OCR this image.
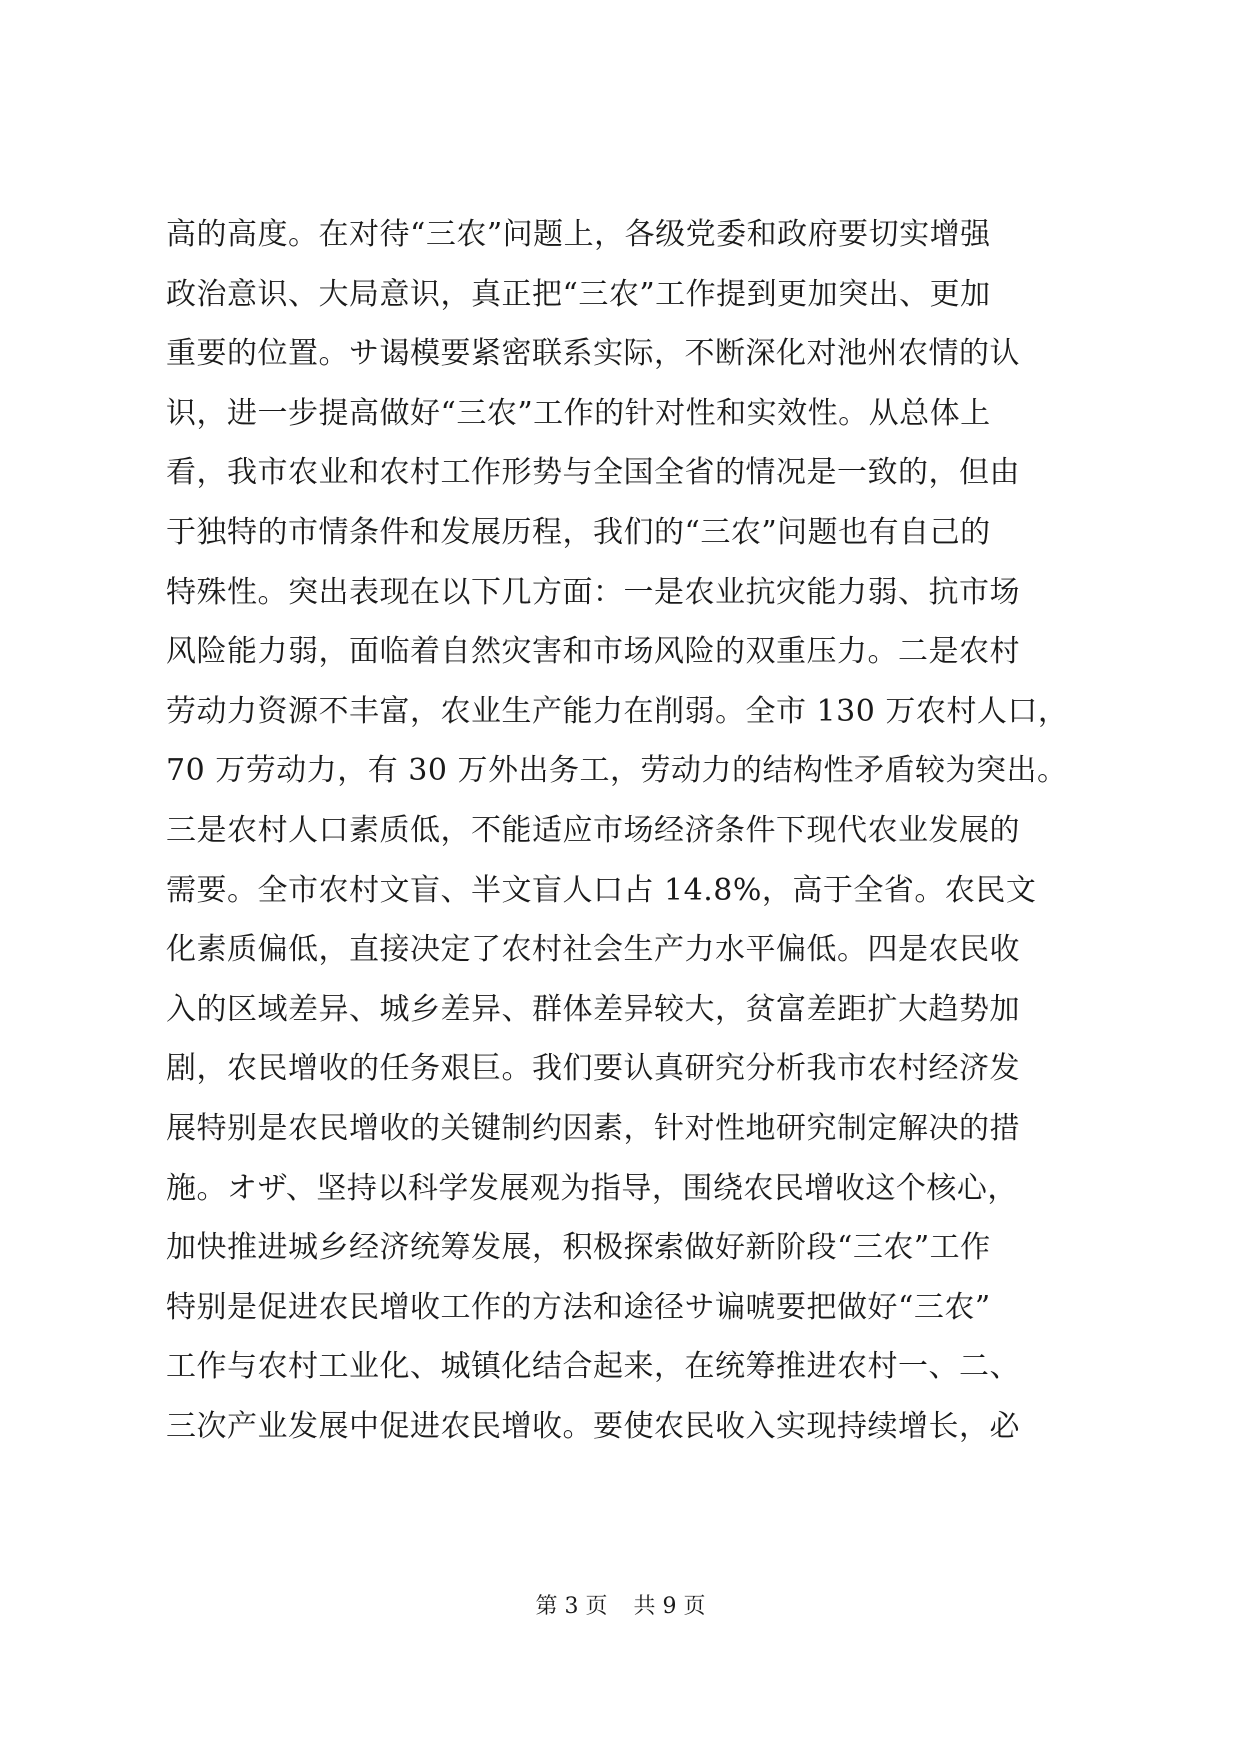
高的高度。在对待“三农”问题上，各级党委和政府要切实增强
政治意识、大局意识，真正把“三农”工作提到更加突出、更加
重要的位置。サ谒模要紧密联系实际，不断深化对池州农情的认
识，进一步提高做好“三农”工作的针对性和实效性。从总体上
看，我市农业和农村工作形势与全国全省的情况是一致的，但由
于独特的市情条件和发展历程，我们的“三农”问题也有自己的
特殊性。突出表现在以下几方面：一是农业抗灾能力弱、抗市场
风险能力弱，面临着自然灾害和市场风险的双重压力。二是农村
劳动力资源不丰富，农业生产能力在削弱。全市 130 万农村人口，
70 万劳动力，有 30 万外出务工，劳动力的结构性矛盾较为突出。
三是农村人口素质低，不能适应市场经济条件下现代农业发展的
需要。全市农村文盲、半文盲人口占 14.8%，高于全省。农民文
化素质偏低，直接决定了农村社会生产力水平偏低。四是农民收
入的区域差异、城乡差异、群体差异较大，贫富差距扩大趋势加
剧，农民增收的任务艰巨。我们要认真研究分析我市农村经济发
展特别是农民增收的关键制约因素，针对性地研究制定解决的措
施。オザ、坚持以科学发展观为指导，围绕农民增收这个核心，
加快推进城乡经济统筹发展，积极探索做好新阶段“三农”工作
特别是促进农民增收工作的方法和途径サ谝唬要把做好“三农”
工作与农村工业化、城镇化结合起来，在统筹推进农村一、二、
三次产业发展中促进农民增收。要使农民收入实现持续增长，必
第 3 页 共 9 页
